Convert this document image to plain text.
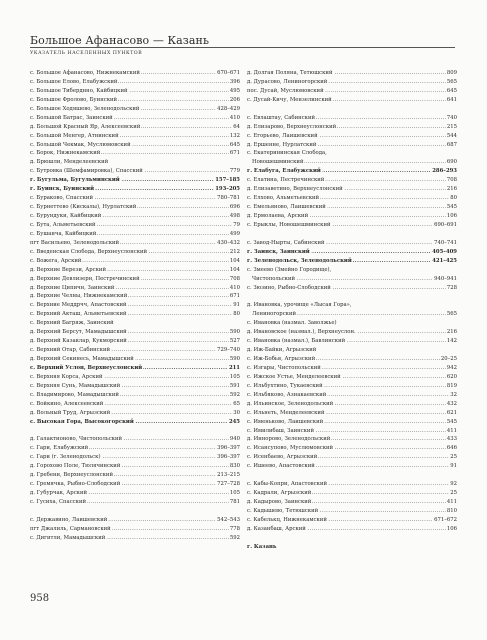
Большое Афанасово — Казань
УКАЗАТЕЛЬ НАСЕЛЕННЫХ ПУНКТОВ
..... с. Большое Афанасово, Нижнекамский	670–671
..... с. Большое Елово, Елабужский	396
..... с. Большое Тиберднно, Кайбицкий	495
..... с. Большое Фролово, Буинский	206
..... с. Большое Ходяшево, Зеленодольский	428–429
..... с. Большой Батрас, Заинский	410
..... д. Большой Красный Яр, Алексеевский	64
..... с. Большой Менгер, Атнинский	132
..... с. Большой Чекмак, Муслюмовский	645
..... с. Борок, Нижнекамский	671
д. Брюшли, Менделеевский
..... с. Бутровка (Шемфамировка), Спасский	779
..... г. Бугульма, Бугульминский	157–185
..... г. Буинск, Буинский	193–205
..... с. Бураково, Спасский	780–781
..... с. Бурнеттево (Кискалы), Нурлатский	696
..... с. Бурундуки, Кайбицкий	498
..... с. Бута, Альметьевский	79
..... с. Бушанча, Кайбицкий	499
..... пгт Васильево, Зеленодольский	430–432
..... с. Введенская Слобода, Верхнеуслонский	212
..... с. Вожега, Арский	104
..... д. Верхние Верези, Арский	104
..... д. Верхние Девлизерн, Пестречинский	708
..... д. Верхние Ципичн, Заинский	410
..... д. Верхние Челны, Нижнекамский	671
..... с. Верхние Меддрчч, Апастовский	91
..... с. Верхний Акташ, Альметьевский	80
с. Верхний Багряж, Заинский
..... д. Верхний Берсут, Мамадышский	590
..... д. Верхний Казаклар, Кукморский	527
..... с. Верхний Отар, Сабинский	729–740
..... д. Верхний Секинесь, Мамадышский	590
..... с. Верхний Услон, Верхнеуслонский	211
..... с. Верхняя Корса, Арский	105
..... с. Верхняя Сунь, Мамадышский	591
..... с. Владимирово, Мамадышский	592
..... с. Войкино, Алексеевский	65
..... д. Вольный Труд, Агрызский	30
..... с. Высокая Гора, Высокогорский	245
..... д. Галактионово, Чистопольский	940
..... с. Гари, Елабужский	396–397
..... с. Гари (г. Зеленодольск)	396–397
..... д. Горохово Поле, Тюлячинский	830
..... д. Гребени, Верхнеуслонский	213–215
..... с. Гремячка, Рыбно-Слободский	727–728
..... д. Губурчак, Арский	105
..... с. Гусиха, Спасский	781
..... с. Державино, Лаишевский	542–543
..... пгт Джалиль, Сармановский	778
..... с. Дигитли, Мамадышский	592
..... д. Долгая Поляна, Тетюшский	809
..... д. Дурасово, Лениногорский	565
..... пос. Дусай, Муслюмовский	645
..... с. Дусай-Кичу, Мензелинский	641
..... с. Евлаштау, Сабинский	740
..... д. Елизарово, Верхнеуслонский	215
..... с. Егорьево, Лаишевский	544
..... д. Ершенне, Нурлатский	687
с. Екатерининская Слобода,
..... Новошешминский	690
..... г. Елабуга, Елабужский	286–293
..... с. Елатина, Пестречинский	708
..... д. Елизаветино, Верхнеуслонский	216
..... с. Елхово, Альметьевский	80
..... с. Емельяново, Лаишевский	545
..... д. Ермолаева, Арский	106
..... с. Ерыклы, Новошешминский	690–691
..... с. Завод-Нырты, Сабинский	740–741
..... г. Заинск, Заинский	405–409
..... г. Зеленодольск, Зеленодольский	421–425
с. Змеево (Змейно Городище),
..... Чистопольский	940–941
..... с. Зюзино, Рыбно-Слободский	728
д. Ивановка, урочище «Лысая Гора»,
..... Лениногорский	565
с. Ивановка (назмал. Заволжье)
..... д. Ивановское (назмал.), Верхнеуслон.	216
..... с. Ивановка (назмал.), Бавлинский	142
д. Иж-Байки, Агрызский
..... с. Иж-Бобья, Агрызский	20–25
..... с. Изгары, Чистопольский	942
..... с. Ижское Устье, Менделеевский	620
..... с. Ильбухтино, Тукаевский	819
..... с. Ильбяково, Азнакаевский	32
..... д. Ильинское, Зеленодольский	432
..... с. Ильнеть, Менделеевский	621
..... с. Именьково, Лаишевский	545
..... с. Имилибаш, Заинский	411
..... д. Иннорово, Зеленодольский	433
..... с. Исансупово, Муслюмовский	646
..... с. Исенбаево, Агрызский	25
..... с. Ишеево, Апастовский	91
..... с. Кабы-Копри, Апастовский	92
..... с. Кадрали, Агрызский	25
..... д. Кадырово, Заинский	411
..... с. Кадышево, Тетюшский	810
..... с. Кабелькц, Нижнекамский	671–672
..... д. Казанбаш, Арский	106
г. Казань
958
